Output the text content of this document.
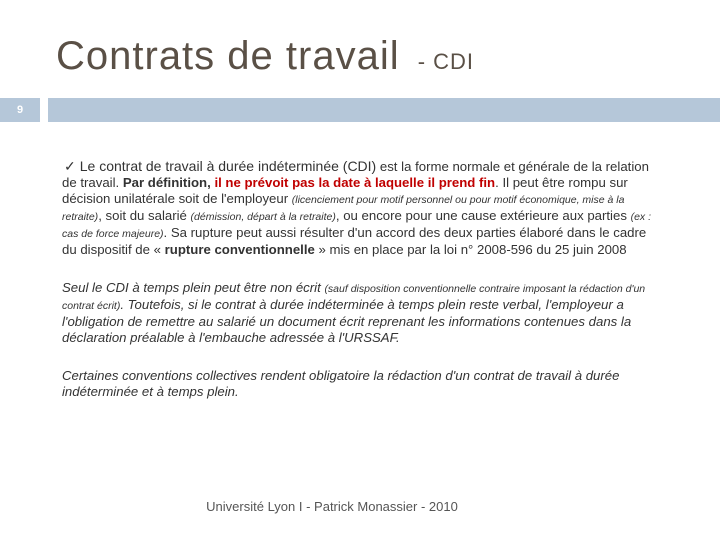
Contrats de travail - CDI
9

✓ Le contrat de travail à durée indéterminée (CDI) est la forme normale et générale de la relation de travail. Par définition, il ne prévoit pas la date à laquelle il prend fin. Il peut être rompu sur décision unilatérale soit de l'employeur (licenciement pour motif personnel ou pour motif économique, mise à la retraite), soit du salarié (démission, départ à la retraite), ou encore pour une cause extérieure aux parties (ex : cas de force majeure). Sa rupture peut aussi résulter d'un accord des deux parties élaboré dans le cadre du dispositif de « rupture conventionnelle » mis en place par la loi n° 2008-596 du 25 juin 2008

Seul le CDI à temps plein peut être non écrit (sauf disposition conventionnelle contraire imposant la rédaction d'un contrat écrit). Toutefois, si le contrat à durée indéterminée à temps plein reste verbal, l'employeur a l'obligation de remettre au salarié un document écrit reprenant les informations contenues dans la déclaration préalable à l'embauche adressée à l'URSSAF.

Certaines conventions collectives rendent obligatoire la rédaction d'un contrat de travail à durée indéterminée et à temps plein.

Université Lyon I - Patrick Monassier - 2010
